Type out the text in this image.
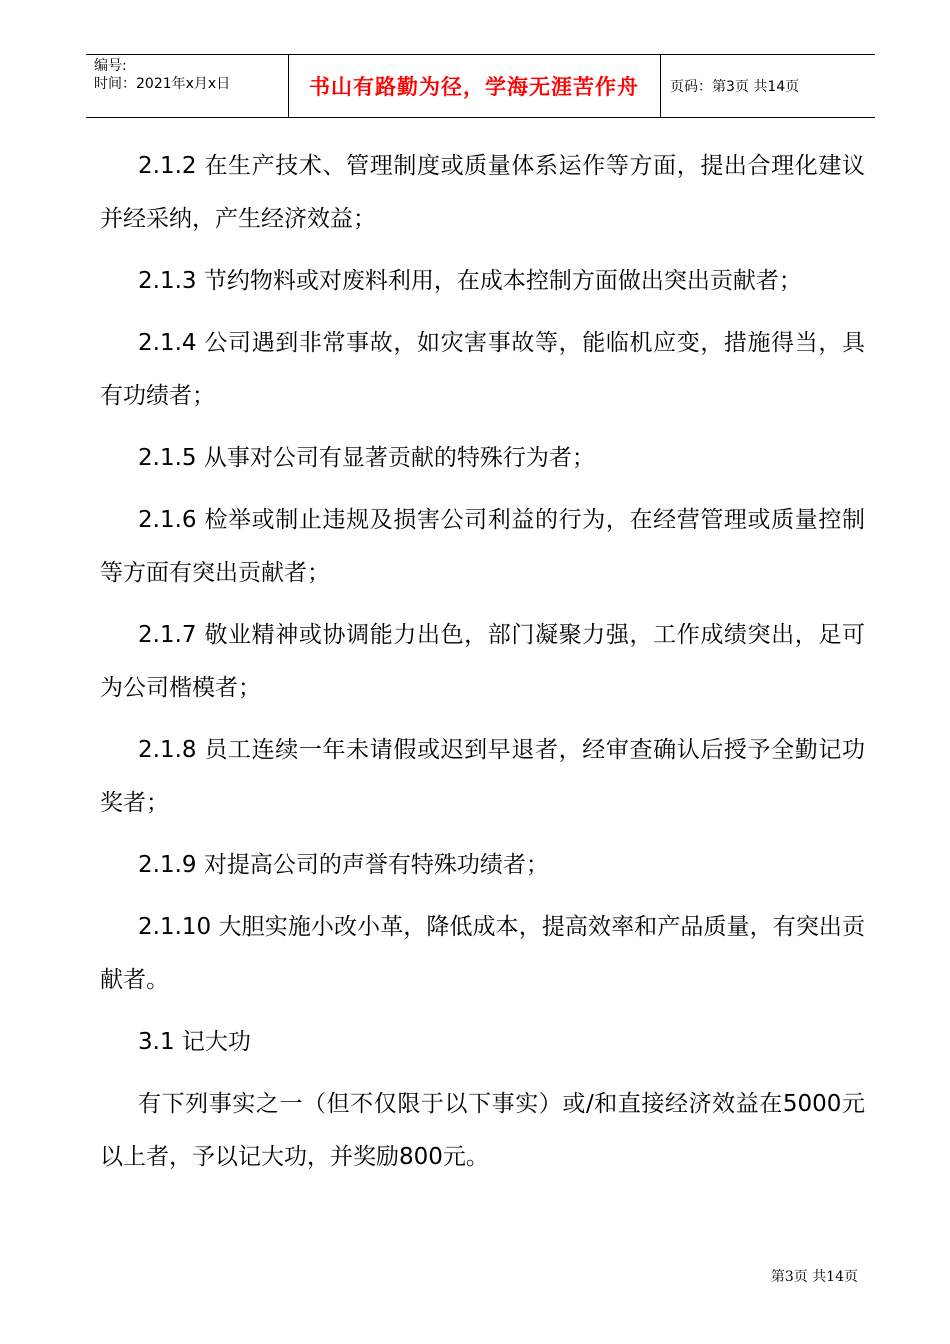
编号:
时间：2021年x月x日	书山有路勤为径，学海无涯苦作舟	页码：第3页 共14页

2.1.2 在生产技术、管理制度或质量体系运作等方面，提出合理化建议并经采纳，产生经济效益；

2.1.3 节约物料或对废料利用，在成本控制方面做出突出贡献者；

2.1.4 公司遇到非常事故，如灾害事故等，能临机应变，措施得当，具有功绩者；

2.1.5 从事对公司有显著贡献的特殊行为者；

2.1.6 检举或制止违规及损害公司利益的行为，在经营管理或质量控制等方面有突出贡献者；

2.1.7 敬业精神或协调能力出色，部门凝聚力强，工作成绩突出，足可为公司楷模者；

2.1.8 员工连续一年未请假或迟到早退者，经审查确认后授予全勤记功奖者；

2.1.9 对提高公司的声誉有特殊功绩者；

2.1.10 大胆实施小改小革，降低成本，提高效率和产品质量，有突出贡献者。

3.1 记大功

有下列事实之一（但不仅限于以下事实）或/和直接经济效益在5000元以上者，予以记大功，并奖励800元。

第3页 共14页
